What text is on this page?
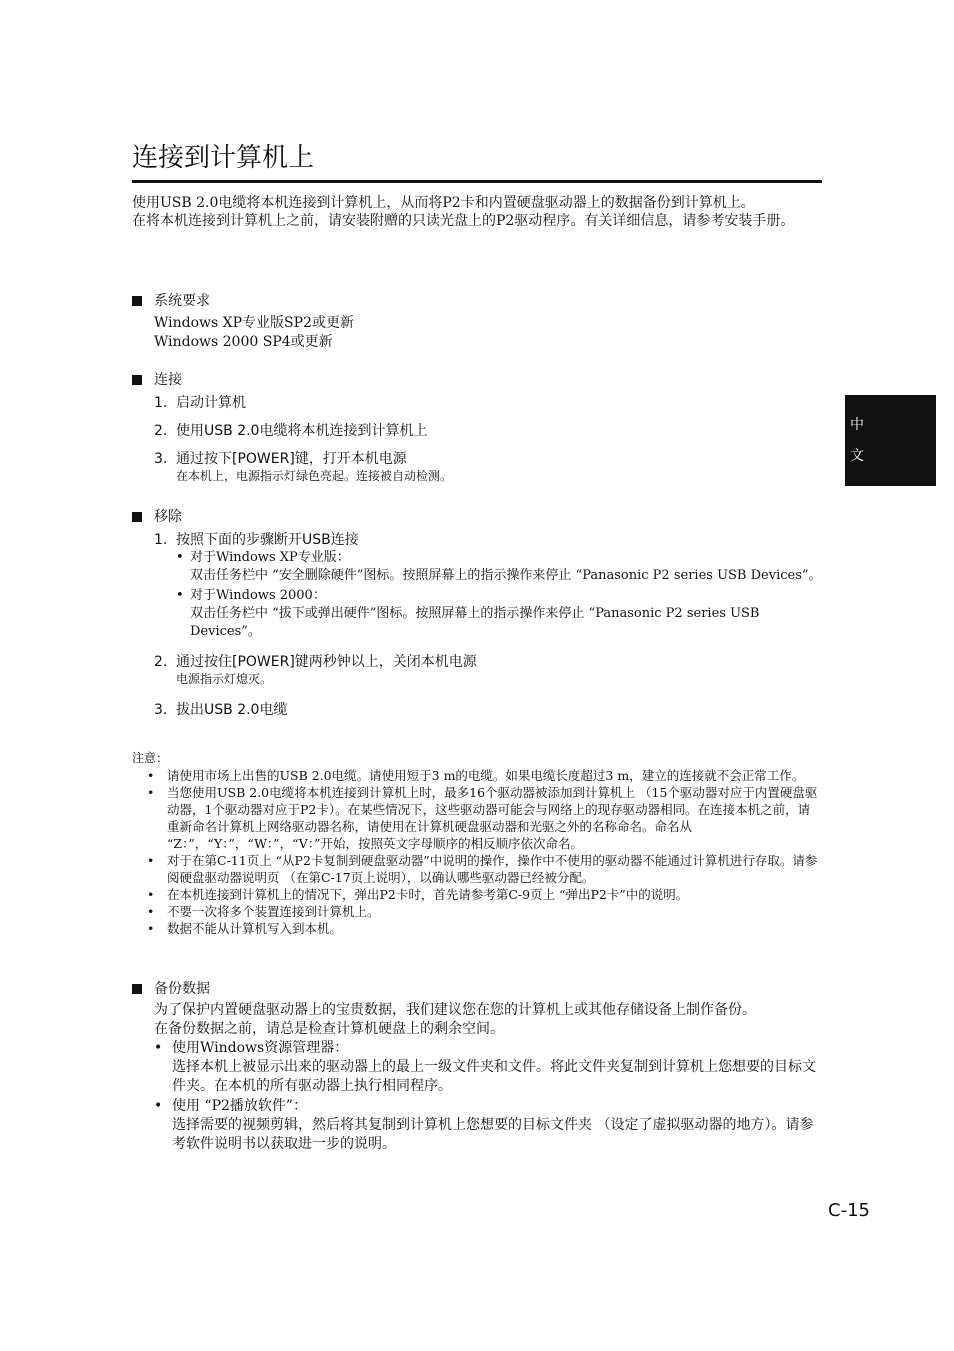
连接到计算机上

使用USB 2.0电缆将本机连接到计算机上，从而将P2卡和内置硬盘驱动器上的数据备份到计算机上。

在将本机连接到计算机上之前，请安装附赠的只读光盘上的P2驱动程序。有关详细信息，请参考安装手册。

系统要求

Windows XP专业版SP2或更新

Windows 2000 SP4或更新

连接
1. 启动计算机
2. 使用USB 2.0电缆将本机连接到计算机上
3. 通过按下[POWER]键，打开本机电源
在本机上，电源指示灯绿色亮起。连接被自动检测。
移除
1. 按照下面的步骤断开USB连接
• 对于Windows XP专业版：
双击任务栏中 “安全删除硬件”图标。按照屏幕上的指示操作来停止 “Panasonic P2 series USB Devices”。
• 对于Windows 2000：
双击任务栏中 “拔下或弹出硬件”图标。按照屏幕上的指示操作来停止 “Panasonic P2 series USB Devices”。
2. 通过按住[POWER]键两秒钟以上，关闭本机电源
电源指示灯熄灭。
3. 拔出USB 2.0电缆
注意：
• 请使用市场上出售的USB 2.0电缆。请使用短于3 m的电缆。如果电缆长度超过3 m，建立的连接就不会正常工作。
• 当您使用USB 2.0电缆将本机连接到计算机上时，最多16个驱动器被添加到计算机上 （15个驱动器对应于内置硬盘驱动器，1个驱动器对应于P2卡）。在某些情况下，这些驱动器可能会与网络上的现存驱动器相同。在连接本机之前，请重新命名计算机上网络驱动器名称，请使用在计算机硬盘驱动器和光驱之外的名称命名。命名从 “Z：”，“Y：”，“W：”，“V：”开始，按照英文字母顺序的相反顺序依次命名。
• 对于在第C-11页上 “从P2卡复制到硬盘驱动器”中说明的操作，操作中不使用的驱动器不能通过计算机进行存取。请参阅硬盘驱动器说明页 （在第C-17页上说明），以确认哪些驱动器已经被分配。
• 在本机连接到计算机上的情况下，弹出P2卡时，首先请参考第C-9页上 “弹出P2卡”中的说明。
• 不要一次将多个装置连接到计算机上。
• 数据不能从计算机写入到本机。
备份数据

为了保护内置硬盘驱动器上的宝贵数据，我们建议您在您的计算机上或其他存储设备上制作备份。

在备份数据之前，请总是检查计算机硬盘上的剩余空间。

• 使用Windows资源管理器：
选择本机上被显示出来的驱动器上的最上一级文件夹和文件。将此文件夹复制到计算机上您想要的目标文件夹。在本机的所有驱动器上执行相同程序。
• 使用 “P2播放软件”：
选择需要的视频剪辑，然后将其复制到计算机上您想要的目标文件夹 （设定了虚拟驱动器的地方）。请参考软件说明书以获取进一步的说明。
中
文
C-15
